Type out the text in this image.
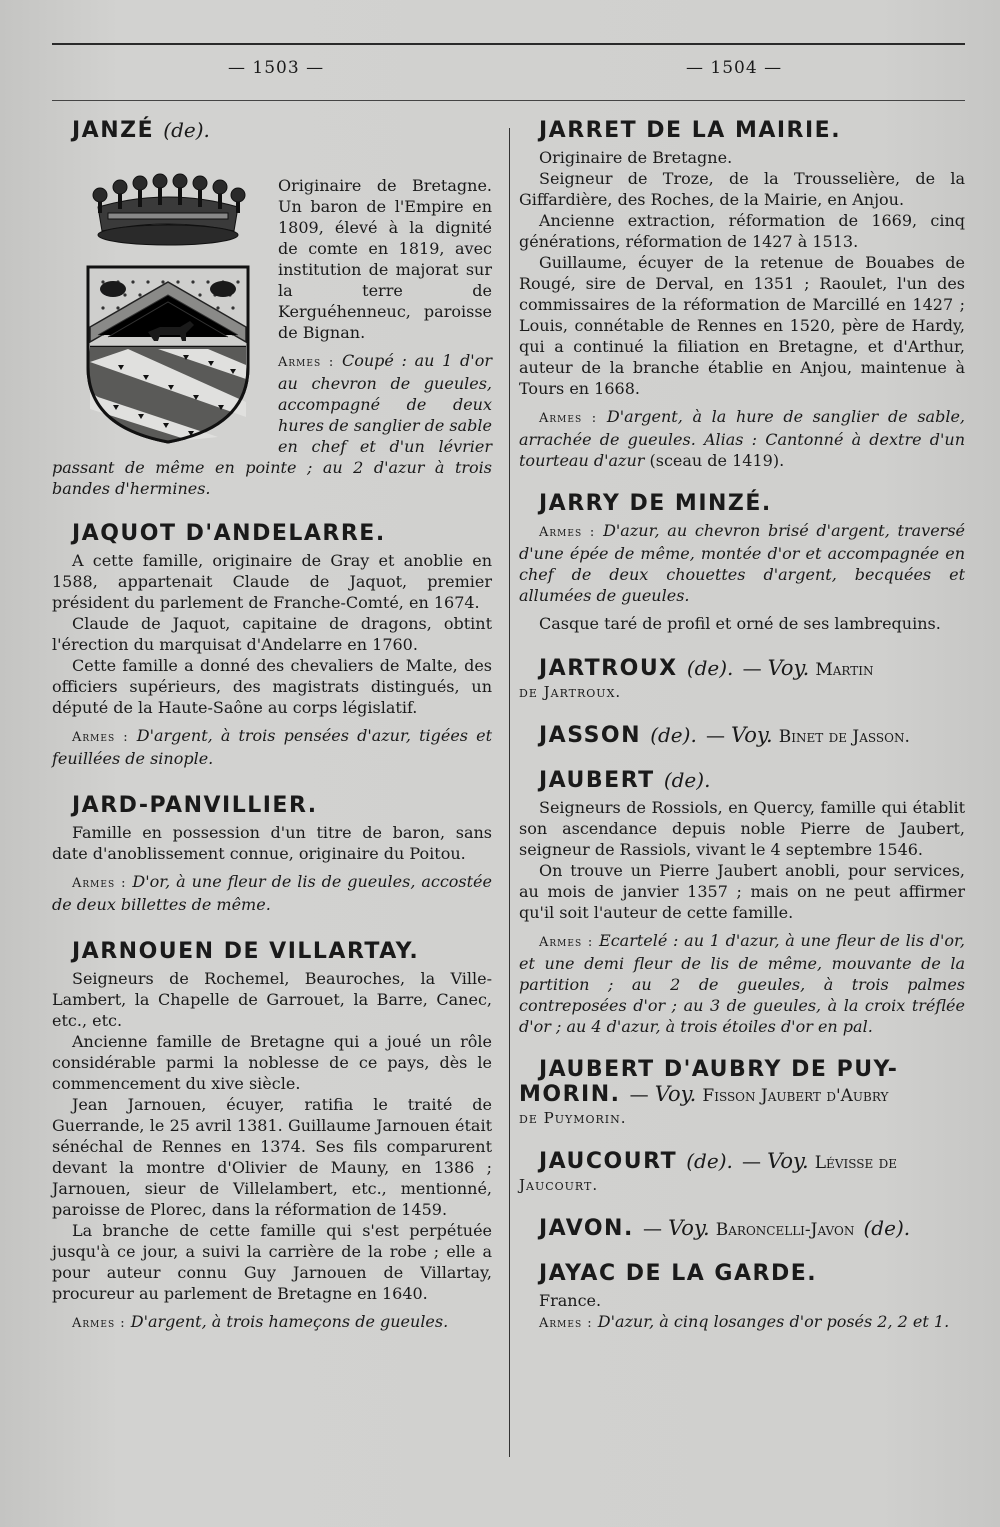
— 1503 —	— 1504 —
JANZÉ (de).

Originaire de Bretagne. Un baron de l'Empire en 1809, élevé à la dignité de comte en 1819, avec institution de majorat sur la terre de Kerguéhenneuc, paroisse de Bignan.

Armes : Coupé : au 1 d'or au chevron de gueules, accompagné de deux hures de sanglier de sable en chef et d'un lévrier passant de même en pointe ; au 2 d'azur à trois bandes d'hermines.

JAQUOT D'ANDELARRE.

A cette famille, originaire de Gray et anoblie en 1588, appartenait Claude de Jaquot, premier président du parlement de Franche-Comté, en 1674.

Claude de Jaquot, capitaine de dragons, obtint l'érection du marquisat d'Andelarre en 1760.

Cette famille a donné des chevaliers de Malte, des officiers supérieurs, des magistrats distingués, un député de la Haute-Saône au corps législatif.

Armes : D'argent, à trois pensées d'azur, tigées et feuillées de sinople.

JARD-PANVILLIER.

Famille en possession d'un titre de baron, sans date d'anoblissement connue, originaire du Poitou.

Armes : D'or, à une fleur de lis de gueules, accostée de deux billettes de même.

JARNOUEN DE VILLARTAY.

Seigneurs de Rochemel, Beauroches, la Ville-Lambert, la Chapelle de Garrouet, la Barre, Canec, etc., etc.

Ancienne famille de Bretagne qui a joué un rôle considérable parmi la noblesse de ce pays, dès le commencement du xive siècle.

Jean Jarnouen, écuyer, ratifia le traité de Guerrande, le 25 avril 1381. Guillaume Jarnouen était sénéchal de Rennes en 1374. Ses fils comparurent devant la montre d'Olivier de Mauny, en 1386 ; Jarnouen, sieur de Villelambert, etc., mentionné, paroisse de Plorec, dans la réformation de 1459.

La branche de cette famille qui s'est perpétuée jusqu'à ce jour, a suivi la carrière de la robe ; elle a pour auteur connu Guy Jarnouen de Villartay, procureur au parlement de Bretagne en 1640.

Armes : D'argent, à trois hameçons de gueules.

JARRET DE LA MAIRIE.

Originaire de Bretagne.

Seigneur de Troze, de la Trousselière, de la Giffardière, des Roches, de la Mairie, en Anjou.

Ancienne extraction, réformation de 1669, cinq générations, réformation de 1427 à 1513.

Guillaume, écuyer de la retenue de Bouabes de Rougé, sire de Derval, en 1351 ; Raoulet, l'un des commissaires de la réformation de Marcillé en 1427 ; Louis, connétable de Rennes en 1520, père de Hardy, qui a continué la filiation en Bretagne, et d'Arthur, auteur de la branche établie en Anjou, maintenue à Tours en 1668.

Armes : D'argent, à la hure de sanglier de sable, arrachée de gueules. Alias : Cantonné à dextre d'un tourteau d'azur (sceau de 1419).

JARRY DE MINZÉ.

Armes : D'azur, au chevron brisé d'argent, traversé d'une épée de même, montée d'or et accompagnée en chef de deux chouettes d'argent, becquées et allumées de gueules.

Casque taré de profil et orné de ses lambrequins.

JARTROUX (de). — Voy. Martin
de Jartroux.
JASSON (de). — Voy. Binet de Jasson.
JAUBERT (de).

Seigneurs de Rossiols, en Quercy, famille qui établit son ascendance depuis noble Pierre de Jaubert, seigneur de Rassiols, vivant le 4 septembre 1546.

On trouve un Pierre Jaubert anobli, pour services, au mois de janvier 1357 ; mais on ne peut affirmer qu'il soit l'auteur de cette famille.

Armes : Ecartelé : au 1 d'azur, à une fleur de lis d'or, et une demi fleur de lis de même, mouvante de la partition ; au 2 de gueules, à trois palmes contreposées d'or ; au 3 de gueules, à la croix tréflée d'or ; au 4 d'azur, à trois étoiles d'or en pal.

JAUBERT D'AUBRY DE PUY-
MORIN. — Voy. Fisson Jaubert d'Aubry
de Puymorin.
JAUCOURT (de). — Voy. Lévisse de
Jaucourt.
JAVON. — Voy. Baroncelli-Javon (de).
JAYAC DE LA GARDE.

France.

Armes : D'azur, à cinq losanges d'or posés 2, 2 et 1.
